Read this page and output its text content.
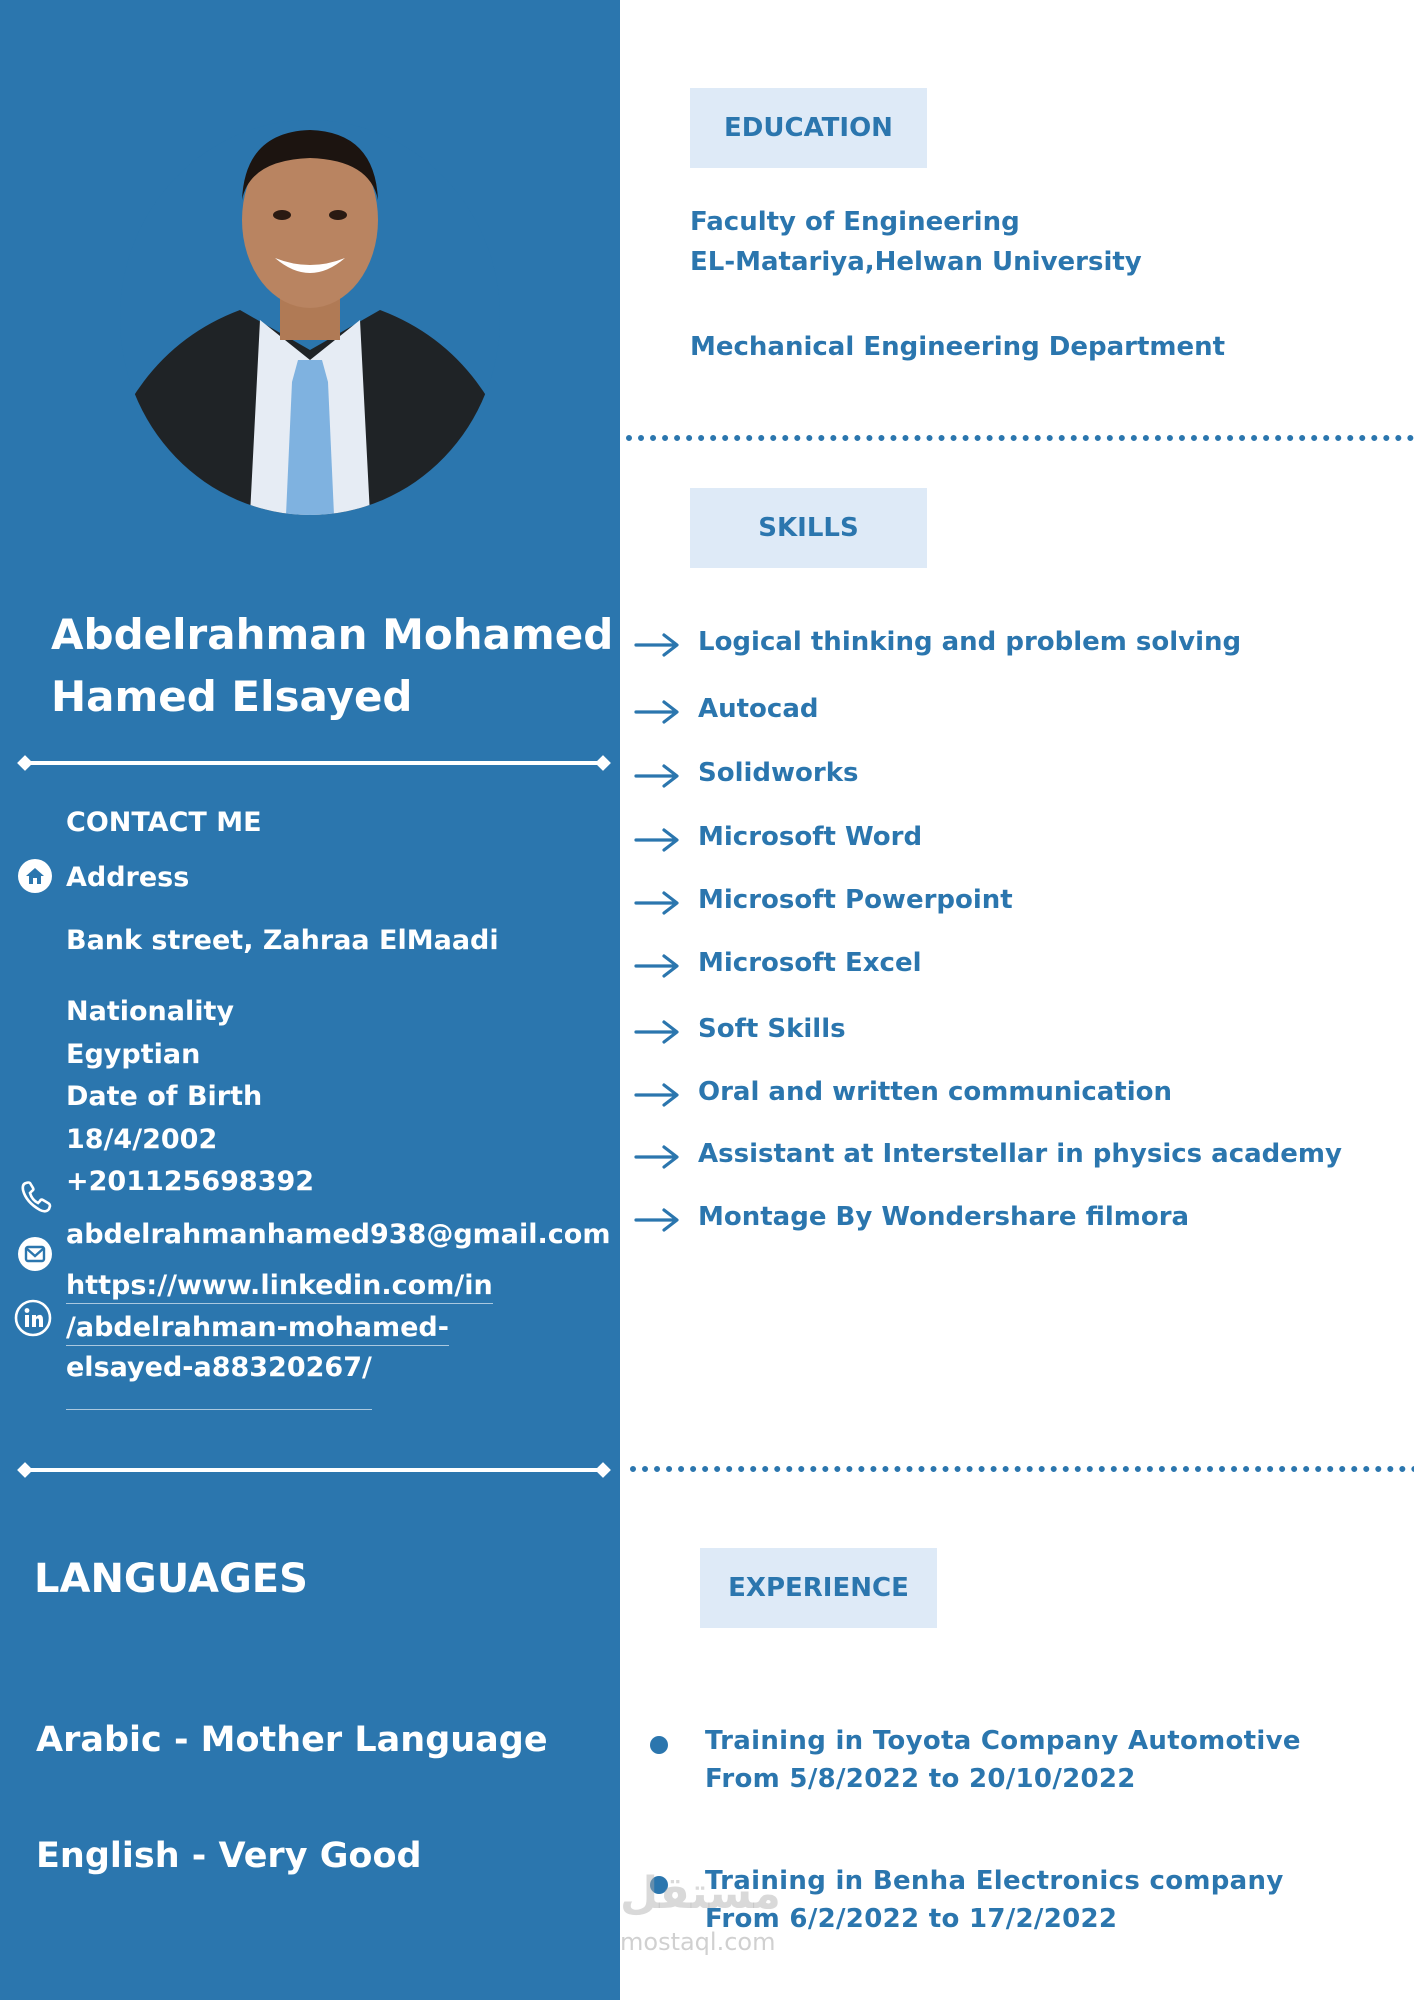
Abdelrahman Mohamed
Hamed Elsayed
CONTACT ME
Address
Bank street, Zahraa ElMaadi
Nationality
Egyptian
Date of Birth
18/4/2002
+201125698392
abdelrahmanhamed938@gmail.com
https://www.linkedin.com/in
/abdelrahman-mohamed-
elsayed-a88320267/
LANGUAGES
Arabic - Mother Language
English - Very Good
EDUCATION
Faculty of Engineering
EL-Matariya,Helwan University
Mechanical Engineering Department
SKILLS
Logical thinking and problem solving
Autocad
Solidworks
Microsoft Word
Microsoft Powerpoint
Microsoft Excel
Soft Skills
Oral and written communication
Assistant at Interstellar in physics academy
Montage By Wondershare filmora
EXPERIENCE
Training in Toyota Company Automotive
From 5/8/2022 to 20/10/2022
Training in Benha Electronics company
From 6/2/2022 to 17/2/2022
مستقل
mostaql.com
